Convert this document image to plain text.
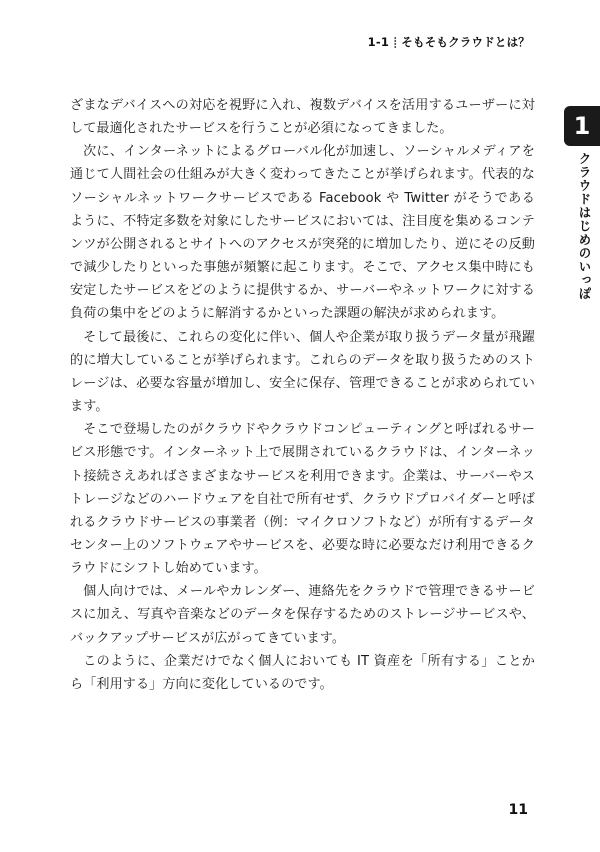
1-1 ┋ そもそもクラウドとは？
1
クラウドはじめのいっぽ

ざまなデバイスへの対応を視野に入れ、複数デバイスを活用するユーザーに対して最適化されたサービスを行うことが必須になってきました。

次に、インターネットによるグローバル化が加速し、ソーシャルメディアを通じて人間社会の仕組みが大きく変わってきたことが挙げられます。代表的なソーシャルネットワークサービスである Facebook や Twitter がそうであるように、不特定多数を対象にしたサービスにおいては、注目度を集めるコンテンツが公開されるとサイトへのアクセスが突発的に増加したり、逆にその反動で減少したりといった事態が頻繁に起こります。そこで、アクセス集中時にも安定したサービスをどのように提供するか、サーバーやネットワークに対する負荷の集中をどのように解消するかといった課題の解決が求められます。

そして最後に、これらの変化に伴い、個人や企業が取り扱うデータ量が飛躍的に増大していることが挙げられます。これらのデータを取り扱うためのストレージは、必要な容量が増加し、安全に保存、管理できることが求められています。

そこで登場したのがクラウドやクラウドコンピューティングと呼ばれるサービス形態です。インターネット上で展開されているクラウドは、インターネット接続さえあればさまざまなサービスを利用できます。企業は、サーバーやストレージなどのハードウェアを自社で所有せず、クラウドプロバイダーと呼ばれるクラウドサービスの事業者（例：マイクロソフトなど）が所有するデータセンター上のソフトウェアやサービスを、必要な時に必要なだけ利用できるクラウドにシフトし始めています。

個人向けでは、メールやカレンダー、連絡先をクラウドで管理できるサービスに加え、写真や音楽などのデータを保存するためのストレージサービスや、バックアップサービスが広がってきています。

このように、企業だけでなく個人においても IT 資産を「所有する」ことから「利用する」方向に変化しているのです。

11
